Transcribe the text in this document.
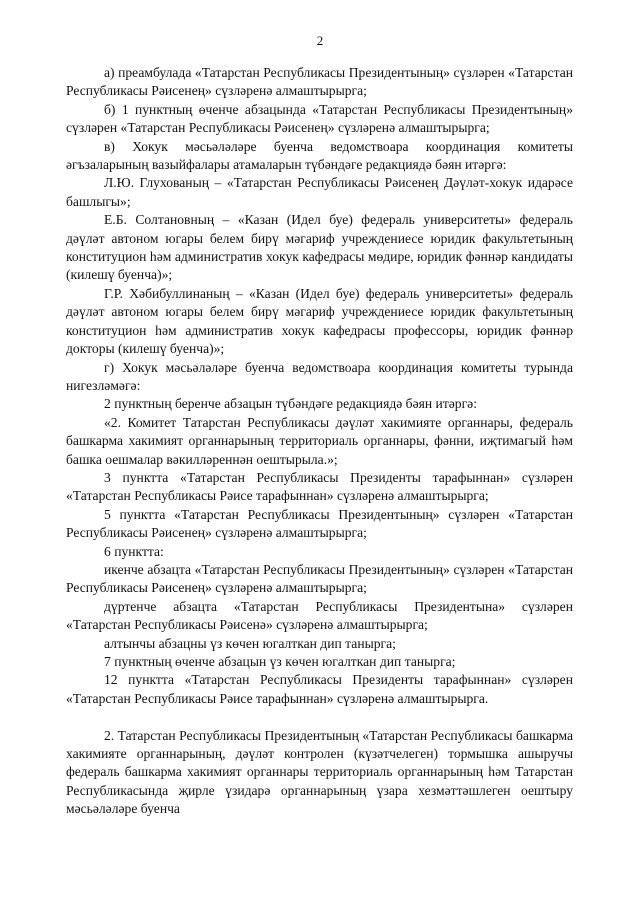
2

а) преамбулада «Татарстан Республикасы Президентының» сүзләрен «Татарстан Республикасы Рәисенең» сүзләренә алмаштырырга;

б) 1 пунктның өченче абзацында «Татарстан Республикасы Президентының» сүзләрен «Татарстан Республикасы Рәисенең» сүзләренә алмаштырырга;

в) Хокук мәсьәләләре буенча ведомствоара координация комитеты әгъзаларының вазыйфалары атамаларын түбәндәге редакциядә бәян итәргә:

Л.Ю. Глухованың – «Татарстан Республикасы Рәисенең Дәүләт-хокук идарәсе башлыгы»;

Е.Б. Солтановның – «Казан (Идел буе) федераль университеты» федераль дәүләт автоном югары белем бирү мәгариф учреждениесе юридик факультетының конституцион һәм административ хокук кафедрасы мөдире, юридик фәннәр кандидаты (килешү буенча)»;

Г.Р. Хәбибуллинаның – «Казан (Идел буе) федераль университеты» федераль дәүләт автоном югары белем бирү мәгариф учреждениесе юридик факультетының конституцион һәм административ хокук кафедрасы профессоры, юридик фәннәр докторы (килешү буенча)»;

г) Хокук мәсьәләләре буенча ведомствоара координация комитеты турында нигезләмәгә:

2 пунктның беренче абзацын түбәндәге редакциядә бәян итәргә:

«2. Комитет Татарстан Республикасы дәүләт хакимияте органнары, федераль башкарма хакимият органнарының территориаль органнары, фәнни, иҗтимагый һәм башка оешмалар вәкилләреннән оештырыла.»;

3 пунктта «Татарстан Республикасы Президенты тарафыннан» сүзләрен «Татарстан Республикасы Рәисе тарафыннан» сүзләренә алмаштырырга;

5 пунктта «Татарстан Республикасы Президентының» сүзләрен «Татарстан Республикасы Рәисенең» сүзләренә алмаштырырга;

6 пунктта:

икенче абзацта «Татарстан Республикасы Президентының» сүзләрен «Татарстан Республикасы Рәисенең» сүзләренә алмаштырырга;

дүртенче абзацта «Татарстан Республикасы Президентына» сүзләрен «Татарстан Республикасы Рәисенә» сүзләренә алмаштырырга;

алтынчы абзацны үз көчен югалткан дип танырга;

7 пунктның өченче абзацын үз көчен югалткан дип танырга;

12 пунктта «Татарстан Республикасы Президенты тарафыннан» сүзләрен «Татарстан Республикасы Рәисе тарафыннан» сүзләренә алмаштырырга.

2. Татарстан Республикасы Президентының «Татарстан Республикасы башкарма хакимияте органнарының, дәүләт контролен (күзәтчелеген) тормышка ашыручы федераль башкарма хакимият органнары территориаль органнарының һәм Татарстан Республикасында җирле үзидарә органнарының үзара хезмәттәшлеген оештыру мәсьәләләре буенча
